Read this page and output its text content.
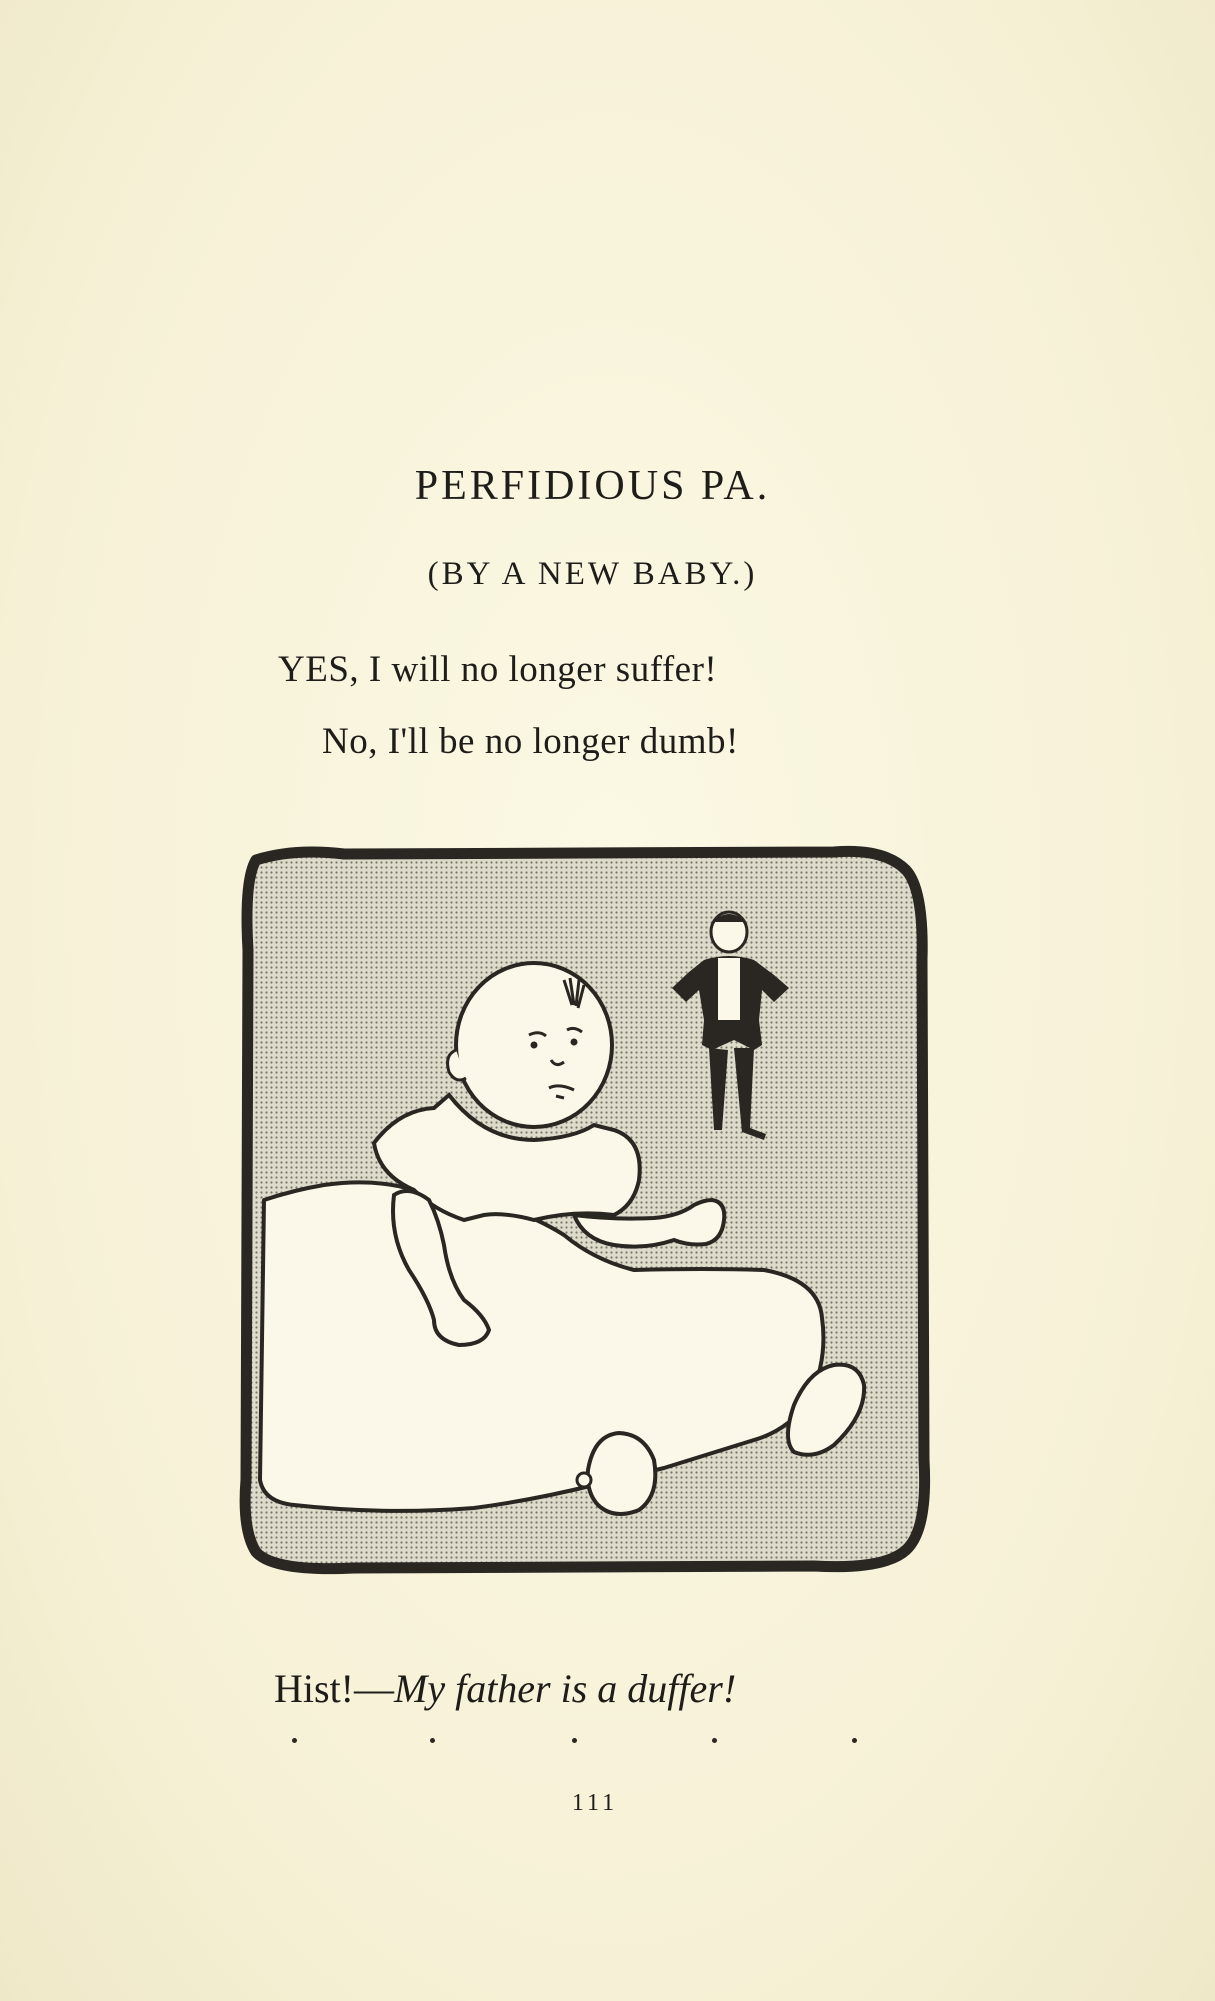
PERFIDIOUS PA.
(BY A NEW BABY.)
YES, I will no longer suffer!
No, I'll be no longer dumb!
Hist!—My father is a duffer!
111
